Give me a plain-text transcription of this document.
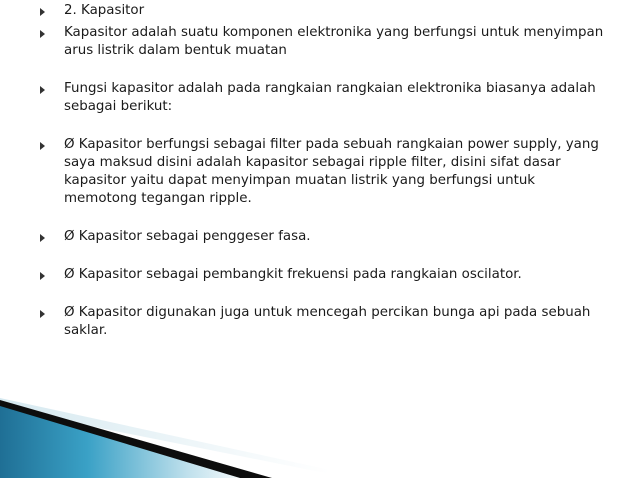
2. Kapasitor
Kapasitor adalah suatu komponen elektronika yang berfungsi untuk menyimpan arus listrik dalam bentuk muatan
Fungsi kapasitor adalah pada rangkaian rangkaian elektronika biasanya adalah sebagai berikut:
Ø Kapasitor berfungsi sebagai filter pada sebuah rangkaian power supply, yang saya maksud disini adalah kapasitor sebagai ripple filter, disini sifat dasar kapasitor yaitu dapat menyimpan muatan listrik yang berfungsi untuk memotong tegangan ripple.
Ø Kapasitor sebagai penggeser fasa.
Ø Kapasitor sebagai pembangkit frekuensi pada rangkaian oscilator.
Ø Kapasitor digunakan juga untuk mencegah percikan bunga api pada sebuah saklar.
